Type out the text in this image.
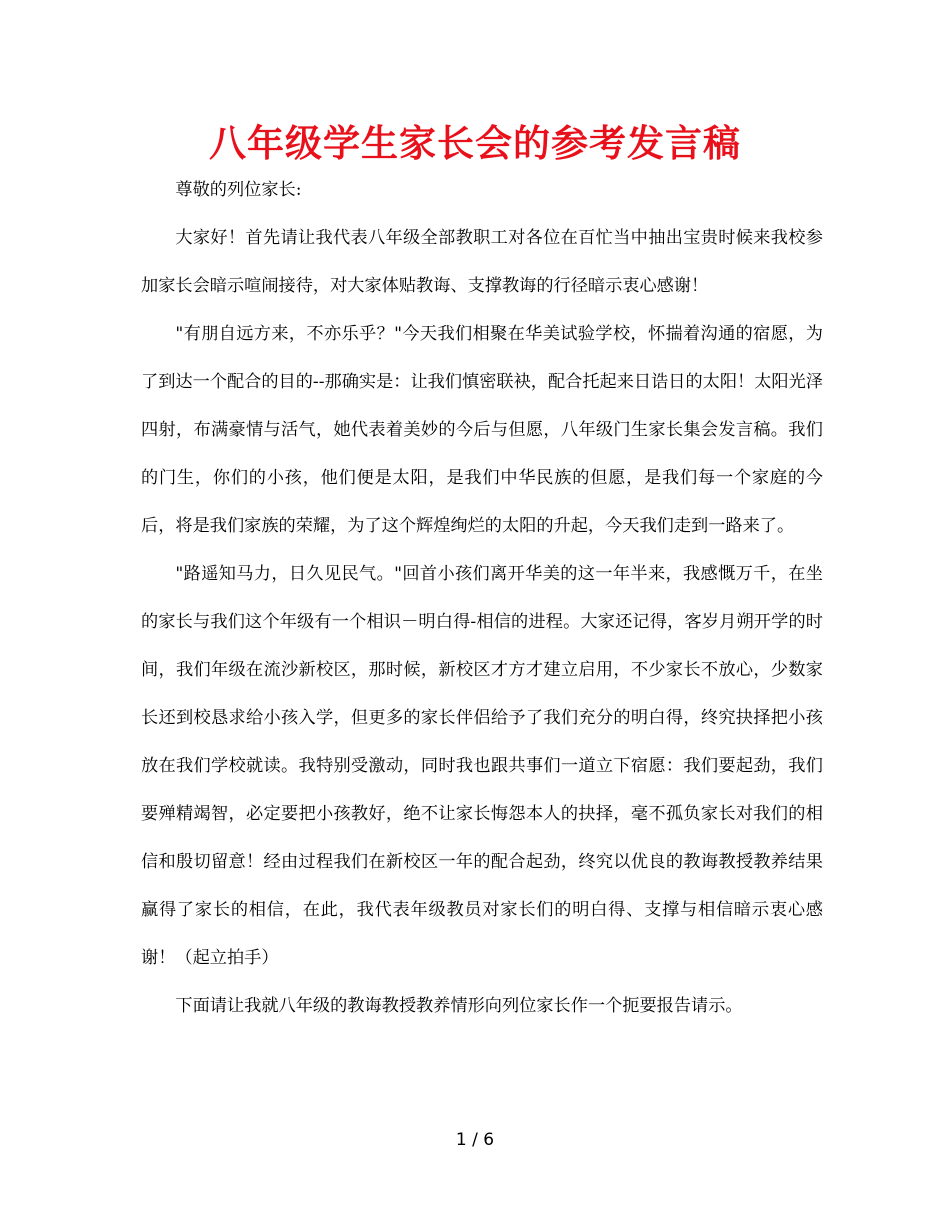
八年级学生家长会的参考发言稿

尊敬的列位家长:

大家好！首先请让我代表八年级全部教职工对各位在百忙当中抽出宝贵时候来我校参加家长会暗示喧闹接待，对大家体贴教诲、支撑教诲的行径暗示衷心感谢！

"有朋自远方来，不亦乐乎？"今天我们相聚在华美试验学校，怀揣着沟通的宿愿，为了到达一个配合的目的--那确实是：让我们慎密联袂，配合托起来日诰日的太阳！太阳光泽四射，布满豪情与活气，她代表着美妙的今后与但愿，八年级门生家长集会发言稿。我们的门生，你们的小孩，他们便是太阳，是我们中华民族的但愿，是我们每一个家庭的今后，将是我们家族的荣耀，为了这个辉煌绚烂的太阳的升起，今天我们走到一路来了。

"路遥知马力，日久见民气。"回首小孩们离开华美的这一年半来，我感慨万千，在坐的家长与我们这个年级有一个相识－明白得-相信的进程。大家还记得，客岁月朔开学的时间，我们年级在流沙新校区，那时候，新校区才方才建立启用，不少家长不放心，少数家长还到校恳求给小孩入学，但更多的家长伴侣给予了我们充分的明白得，终究抉择把小孩放在我们学校就读。我特别受激动，同时我也跟共事们一道立下宿愿：我们要起劲，我们要殚精竭智，必定要把小孩教好，绝不让家长悔怨本人的抉择，毫不孤负家长对我们的相信和殷切留意！经由过程我们在新校区一年的配合起劲，终究以优良的教诲教授教养结果赢得了家长的相信，在此，我代表年级教员对家长们的明白得、支撑与相信暗示衷心感谢！（起立拍手）

下面请让我就八年级的教诲教授教养情形向列位家长作一个扼要报告请示。

1 / 6
